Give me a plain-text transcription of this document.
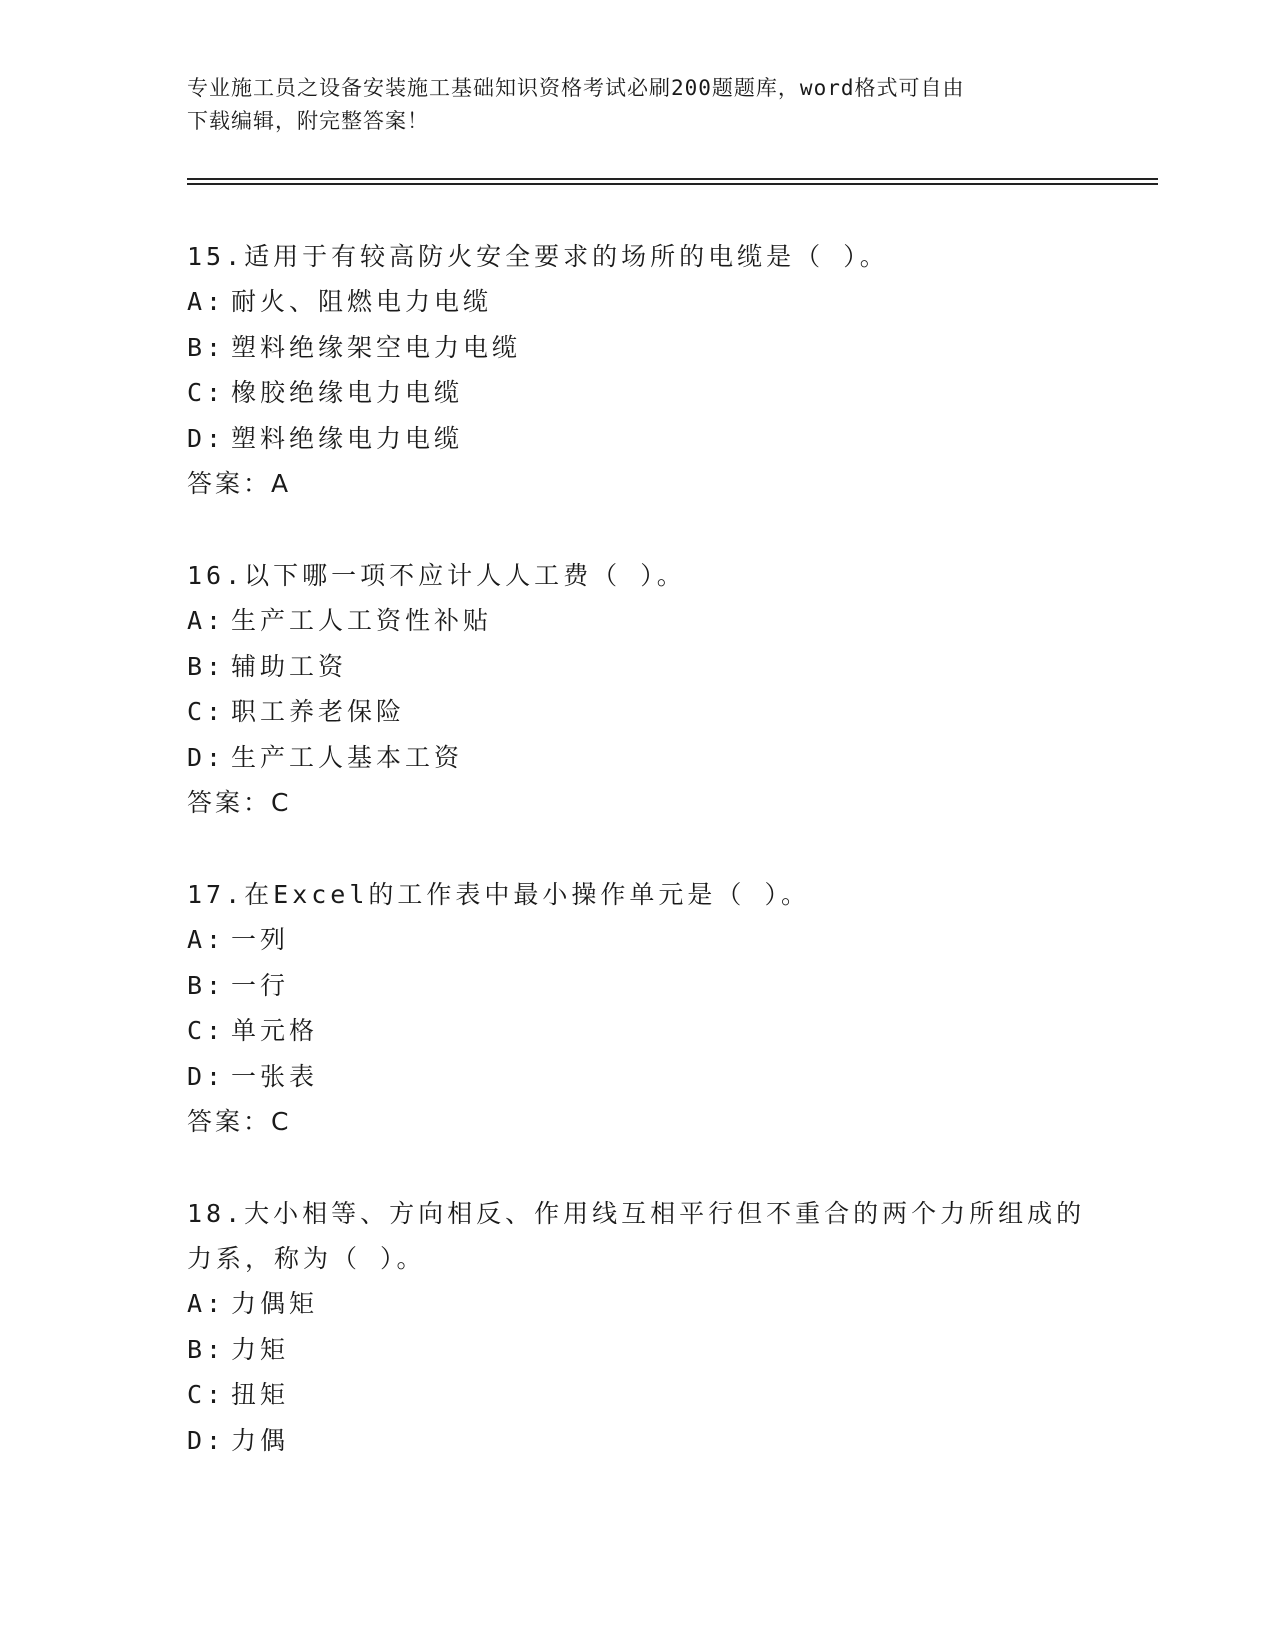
专业施工员之设备安装施工基础知识资格考试必刷200题题库，word格式可自由
下载编辑，附完整答案！

15.适用于有较高防火安全要求的场所的电缆是（ ）。

A: 耐火、阻燃电力电缆

B: 塑料绝缘架空电力电缆

C: 橡胶绝缘电力电缆

D: 塑料绝缘电力电缆

答案： A

16.以下哪一项不应计人人工费（ ）。

A: 生产工人工资性补贴

B: 辅助工资

C: 职工养老保险

D: 生产工人基本工资

答案： C

17.在Excel的工作表中最小操作单元是（ ）。

A: 一列

B: 一行

C: 单元格

D: 一张表

答案： C

18.大小相等、方向相反、作用线互相平行但不重合的两个力所组成的
力系，称为（ ）。

A: 力偶矩

B: 力矩

C: 扭矩

D: 力偶
